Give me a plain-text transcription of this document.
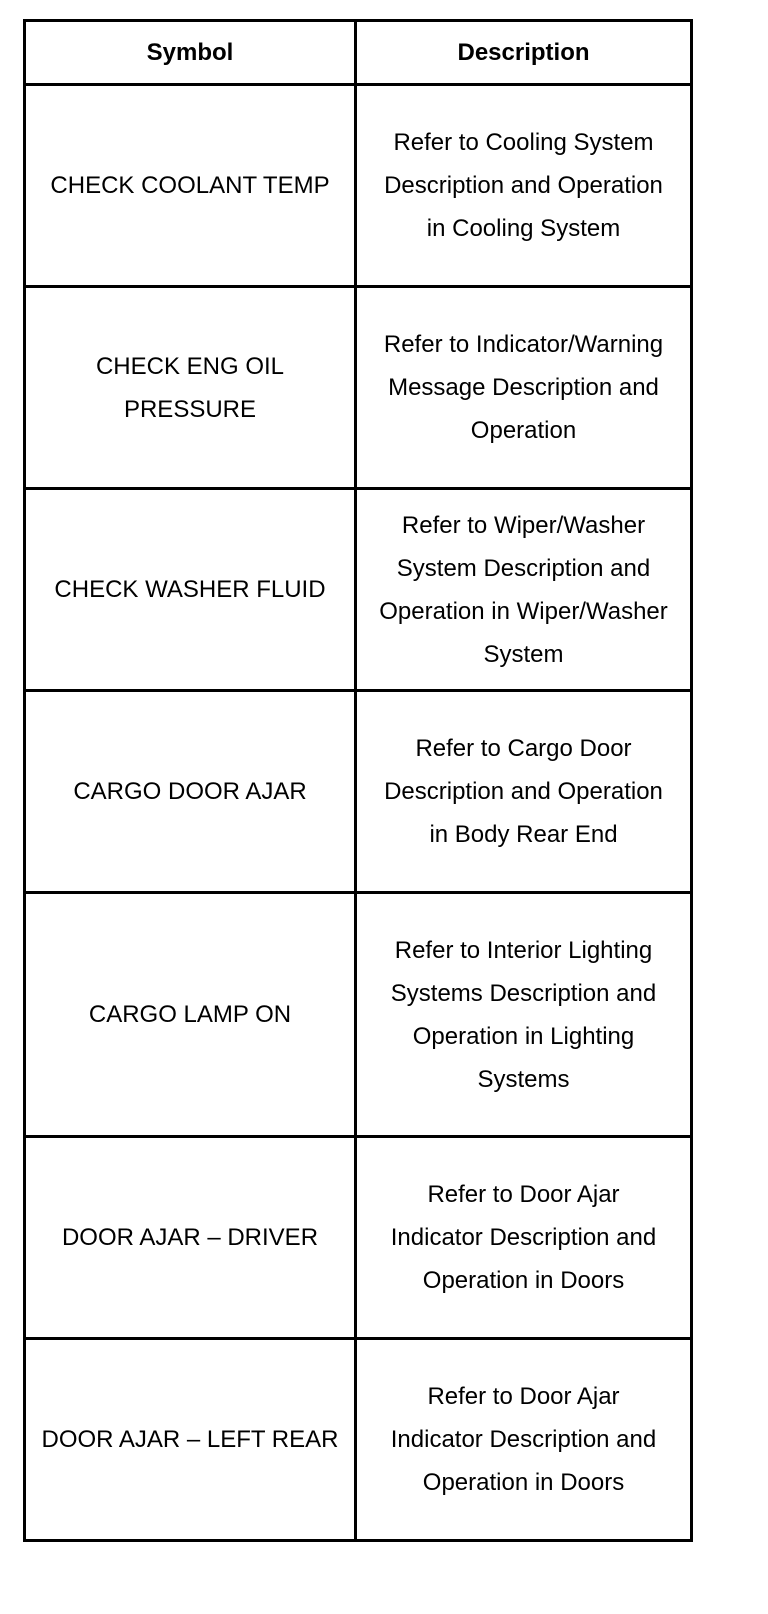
Symbol	Description
CHECK COOLANT TEMP	Refer to Cooling System Description and Operation in Cooling System
CHECK ENG OIL PRESSURE	Refer to Indicator/Warning Message Description and Operation
CHECK WASHER FLUID	Refer to Wiper/Washer System Description and Operation in Wiper/Washer System
CARGO DOOR AJAR	Refer to Cargo Door Description and Operation in Body Rear End
CARGO LAMP ON	Refer to Interior Lighting Systems Description and Operation in Lighting Systems
DOOR AJAR – DRIVER	Refer to Door Ajar Indicator Description and Operation in Doors
DOOR AJAR – LEFT REAR	Refer to Door Ajar Indicator Description and Operation in Doors
